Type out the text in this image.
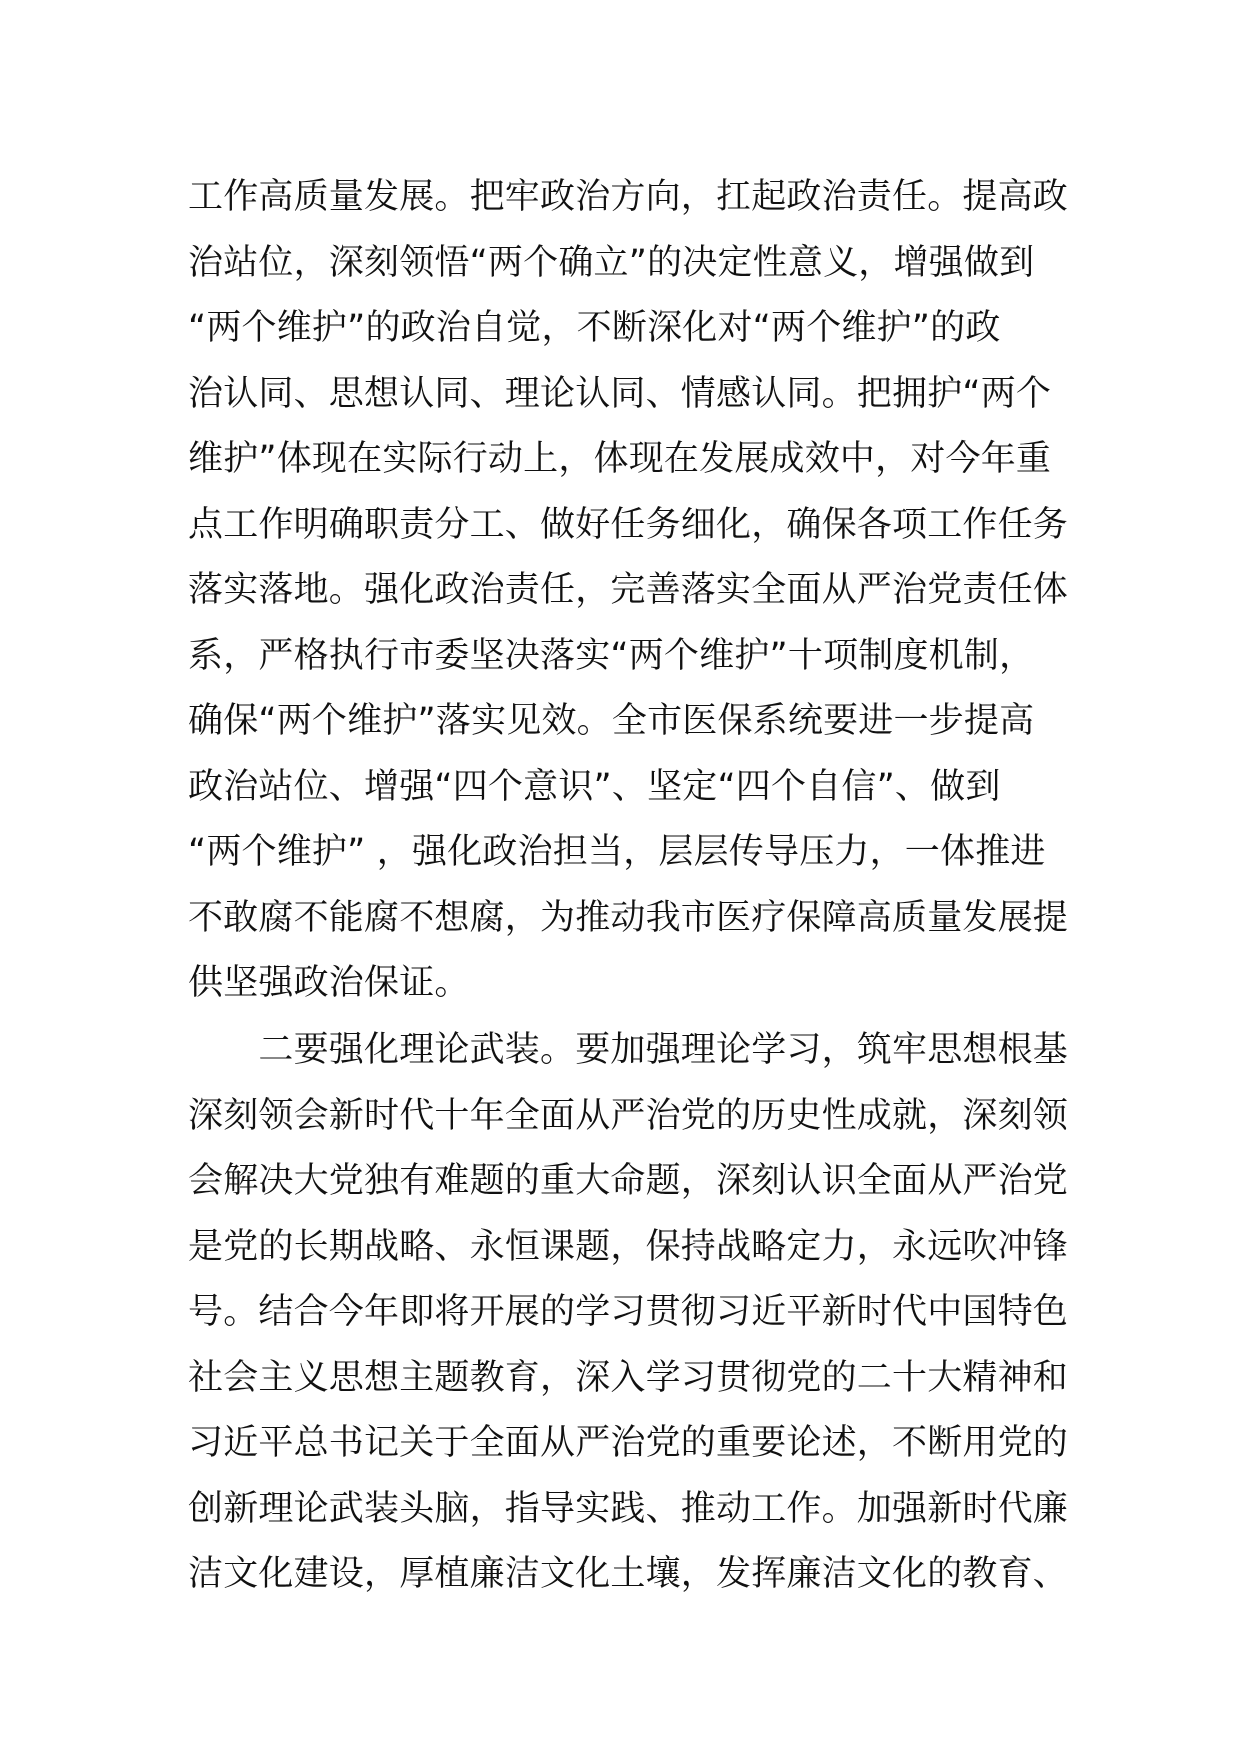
工作高质量发展。把牢政治方向，扛起政治责任。提高政
治站位，深刻领悟“两个确立”的决定性意义，增强做到
“两个维护”的政治自觉，不断深化对“两个维护”的政
治认同、思想认同、理论认同、情感认同。把拥护“两个
维护”体现在实际行动上，体现在发展成效中，对今年重
点工作明确职责分工、做好任务细化，确保各项工作任务
落实落地。强化政治责任，完善落实全面从严治党责任体
系，严格执行市委坚决落实“两个维护”十项制度机制，
确保“两个维护”落实见效。全市医保系统要进一步提高
政治站位、增强“四个意识”、坚定“四个自信”、做到
“两个维护” ，强化政治担当，层层传导压力，一体推进
不敢腐不能腐不想腐，为推动我市医疗保障高质量发展提
供坚强政治保证。
　　二要强化理论武装。要加强理论学习，筑牢思想根基
深刻领会新时代十年全面从严治党的历史性成就，深刻领
会解决大党独有难题的重大命题，深刻认识全面从严治党
是党的长期战略、永恒课题，保持战略定力，永远吹冲锋
号。结合今年即将开展的学习贯彻习近平新时代中国特色
社会主义思想主题教育，深入学习贯彻党的二十大精神和
习近平总书记关于全面从严治党的重要论述，不断用党的
创新理论武装头脑，指导实践、推动工作。加强新时代廉
洁文化建设，厚植廉洁文化土壤，发挥廉洁文化的教育、
